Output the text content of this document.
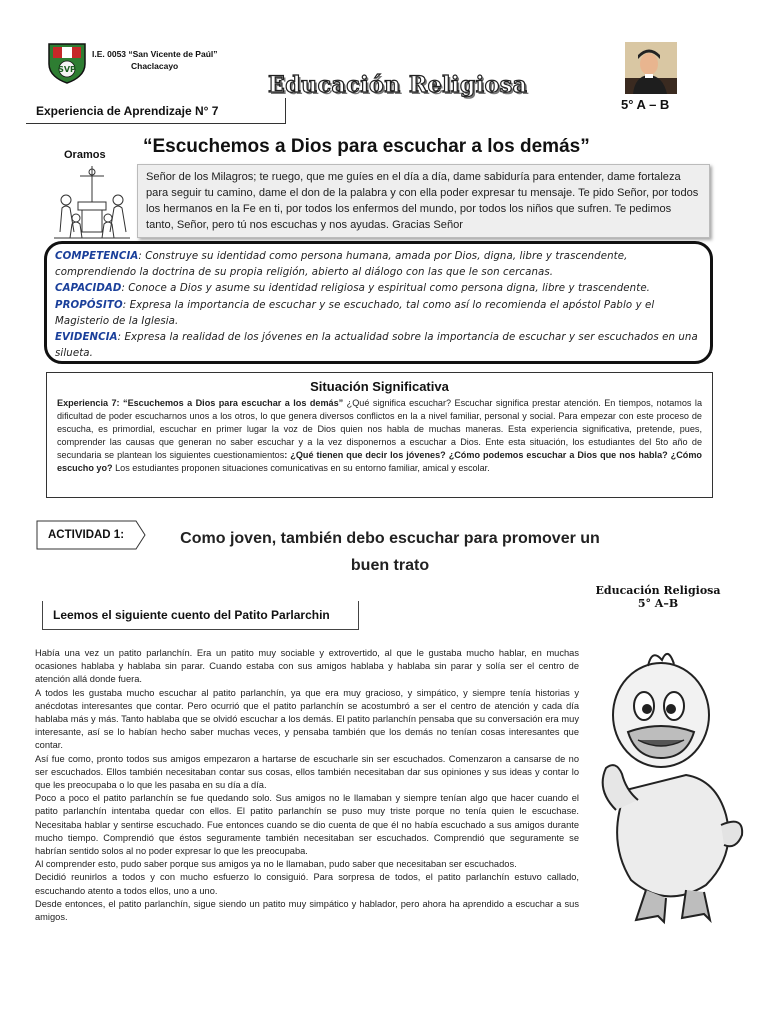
SVP
I.E. 0053 “San Vicente de Paúl”
Chaclacayo
Educación Religiosa
5° A – B
Experiencia de Aprendizaje N° 7
“Escuchemos a Dios para escuchar a los demás”
Oramos
Señor de los Milagros; te ruego, que me guíes en el día a día, dame sabiduría para entender, dame fortaleza para seguir tu camino, dame el don de la palabra y con ella poder expresar tu mensaje. Te pido Señor, por todos los hermanos en la Fe en ti, por todos los enfermos del mundo, por todos los niños que sufren. Te pedimos tanto, Señor, pero tú nos escuchas y nos ayudas. Gracias Señor
COMPETENCIA: Construye su identidad como persona humana, amada por Dios, digna, libre y trascendente, comprendiendo la doctrina de su propia religión, abierto al diálogo con las que le son cercanas.
CAPACIDAD: Conoce a Dios y asume su identidad religiosa y espiritual como persona digna, libre y trascendente.
PROPÓSITO: Expresa la importancia de escuchar y se escuchado, tal como así lo recomienda el apóstol Pablo y el Magisterio de la Iglesia.
EVIDENCIA: Expresa la realidad de los jóvenes en la actualidad sobre la importancia de escuchar y ser escuchados en una silueta.
Situación Significativa
Experiencia 7: “Escuchemos a Dios para escuchar a los demás” ¿Qué significa escuchar? Escuchar significa prestar atención. En tiempos, notamos la dificultad de poder escucharnos unos a los otros, lo que genera diversos conflictos en la a nivel familiar, personal y social. Para empezar con este proceso de escucha, es primordial, escuchar en primer lugar la voz de Dios quien nos habla de muchas maneras. Esta experiencia significativa, pretende, pues, comprender las causas que generan no saber escuchar y a la vez disponernos a escuchar a Dios. Ente esta situación, los estudiantes del 5to año de secundaria se plantean los siguientes cuestionamientos: ¿Qué tienen que decir los jóvenes? ¿Cómo podemos escuchar a Dios que nos habla? ¿Cómo escucho yo? Los estudiantes proponen situaciones comunicativas en su entorno familiar, amical y escolar.
ACTIVIDAD 1:	Como joven, también debo escuchar para promover un buen trato
Educación Religiosa
5° A–B
Leemos el siguiente cuento del Patito Parlarchin

Había una vez un patito parlanchín. Era un patito muy sociable y extrovertido, al que le gustaba mucho hablar, en muchas ocasiones hablaba y hablaba sin parar. Cuando estaba con sus amigos hablaba y hablaba sin parar y solía ser el centro de atención allá donde fuera.

A todos les gustaba mucho escuchar al patito parlanchín, ya que era muy gracioso, y simpático, y siempre tenía historias y anécdotas interesantes que contar. Pero ocurrió que el patito parlanchín se acostumbró a ser el centro de atención y cada día hablaba más y más. Tanto hablaba que se olvidó escuchar a los demás. El patito parlanchín pensaba que su conversación era muy interesante, así se lo habían hecho saber muchas veces, y pensaba también que los demás no tenían cosas interesantes que contar.

Así fue como, pronto todos sus amigos empezaron a hartarse de escucharle sin ser escuchados. Comenzaron a cansarse de no ser escuchados. Ellos también necesitaban contar sus cosas, ellos también necesitaban dar sus opiniones y sus ideas y contar lo que les preocupaba o lo que les pasaba en su día a día.

Poco a poco el patito parlanchín se fue quedando solo. Sus amigos no le llamaban y siempre tenían algo que hacer cuando el patito parlanchín intentaba quedar con ellos. El patito parlanchín se puso muy triste porque no tenía quien le escuchase. Necesitaba hablar y sentirse escuchado. Fue entonces cuando se dio cuenta de que él no había escuchado a sus amigos durante mucho tiempo. Comprendió que éstos seguramente también necesitaban ser escuchados. Comprendió que seguramente se habrían sentido solos al no poder expresar lo que les preocupaba.

Al comprender esto, pudo saber porque sus amigos ya no le llamaban, pudo saber que necesitaban ser escuchados.

Decidió reunirlos a todos y con mucho esfuerzo lo consiguió. Para sorpresa de todos, el patito parlanchín estuvo callado, escuchando atento a todos ellos, uno a uno.

Desde entonces, el patito parlanchín, sigue siendo un patito muy simpático y hablador, pero ahora ha aprendido a escuchar a sus amigos.
